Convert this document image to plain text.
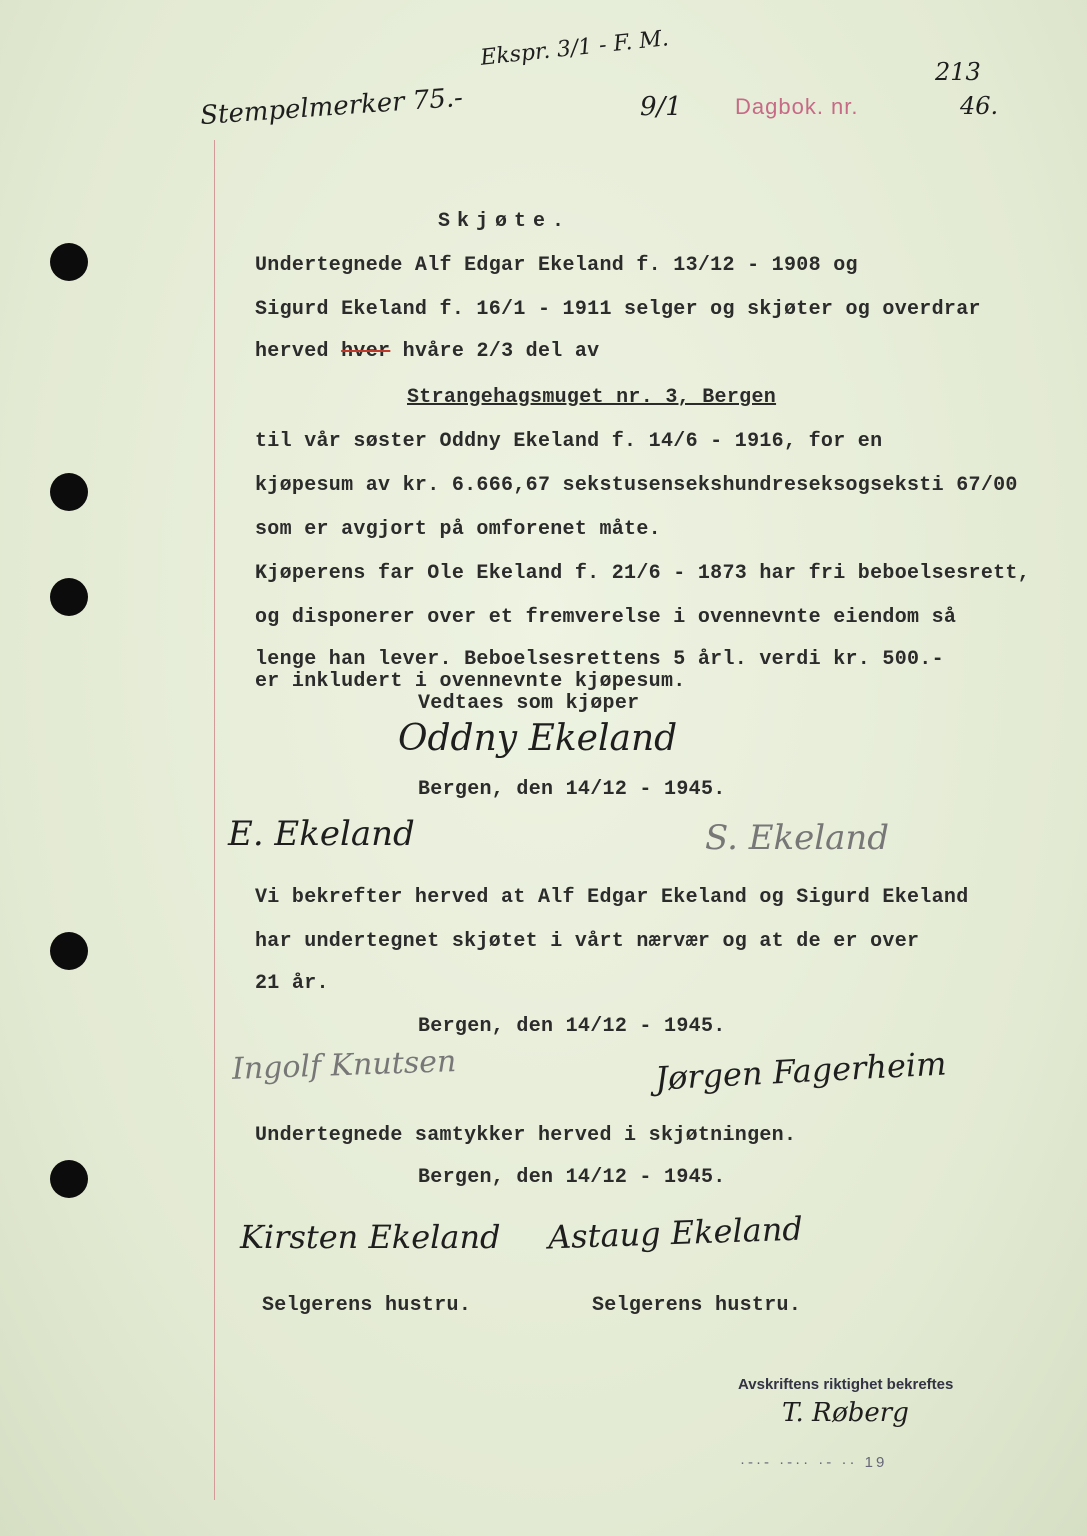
Stempelmerker 75.-
Ekspr. 3/1 - F. M.
9/1 Dagbok. nr.
213
46.
Skjøte.
Undertegnede Alf Edgar Ekeland f. 13/12 - 1908 og
Sigurd Ekeland f. 16/1 - 1911 selger og skjøter og overdrar
herved hver hvåre 2/3 del av
Strangehagsmuget nr. 3, Bergen
til vår søster Oddny Ekeland f. 14/6 - 1916, for en
kjøpesum av kr. 6.666,67 sekstusensekshundreseksogseksti 67/00
som er avgjort på omforenet måte.
Kjøperens far Ole Ekeland f. 21/6 - 1873 har fri beboelsesrett,
og disponerer over et fremverelse i ovennevnte eiendom så
lenge han lever. Beboelsesrettens 5 årl. verdi kr. 500.-
er inkludert i ovennevnte kjøpesum.
Vedtaes som kjøper
Oddny Ekeland
Bergen, den 14/12 - 1945.
E. Ekeland	S. Ekeland
Vi bekrefter herved at Alf Edgar Ekeland og Sigurd Ekeland
har undertegnet skjøtet i vårt nærvær og at de er over
21 år.
Bergen, den 14/12 - 1945.
Ingolf Knutsen	Jørgen Fagerheim
Undertegnede samtykker herved i skjøtningen.
Bergen, den 14/12 - 1945.
Kirsten Ekeland Astaug Ekeland
Selgerens hustru.	Selgerens hustru.
Avskriftens riktighet bekreftes
T. Røberg
·-·- ·-·· ·- ·· 19
